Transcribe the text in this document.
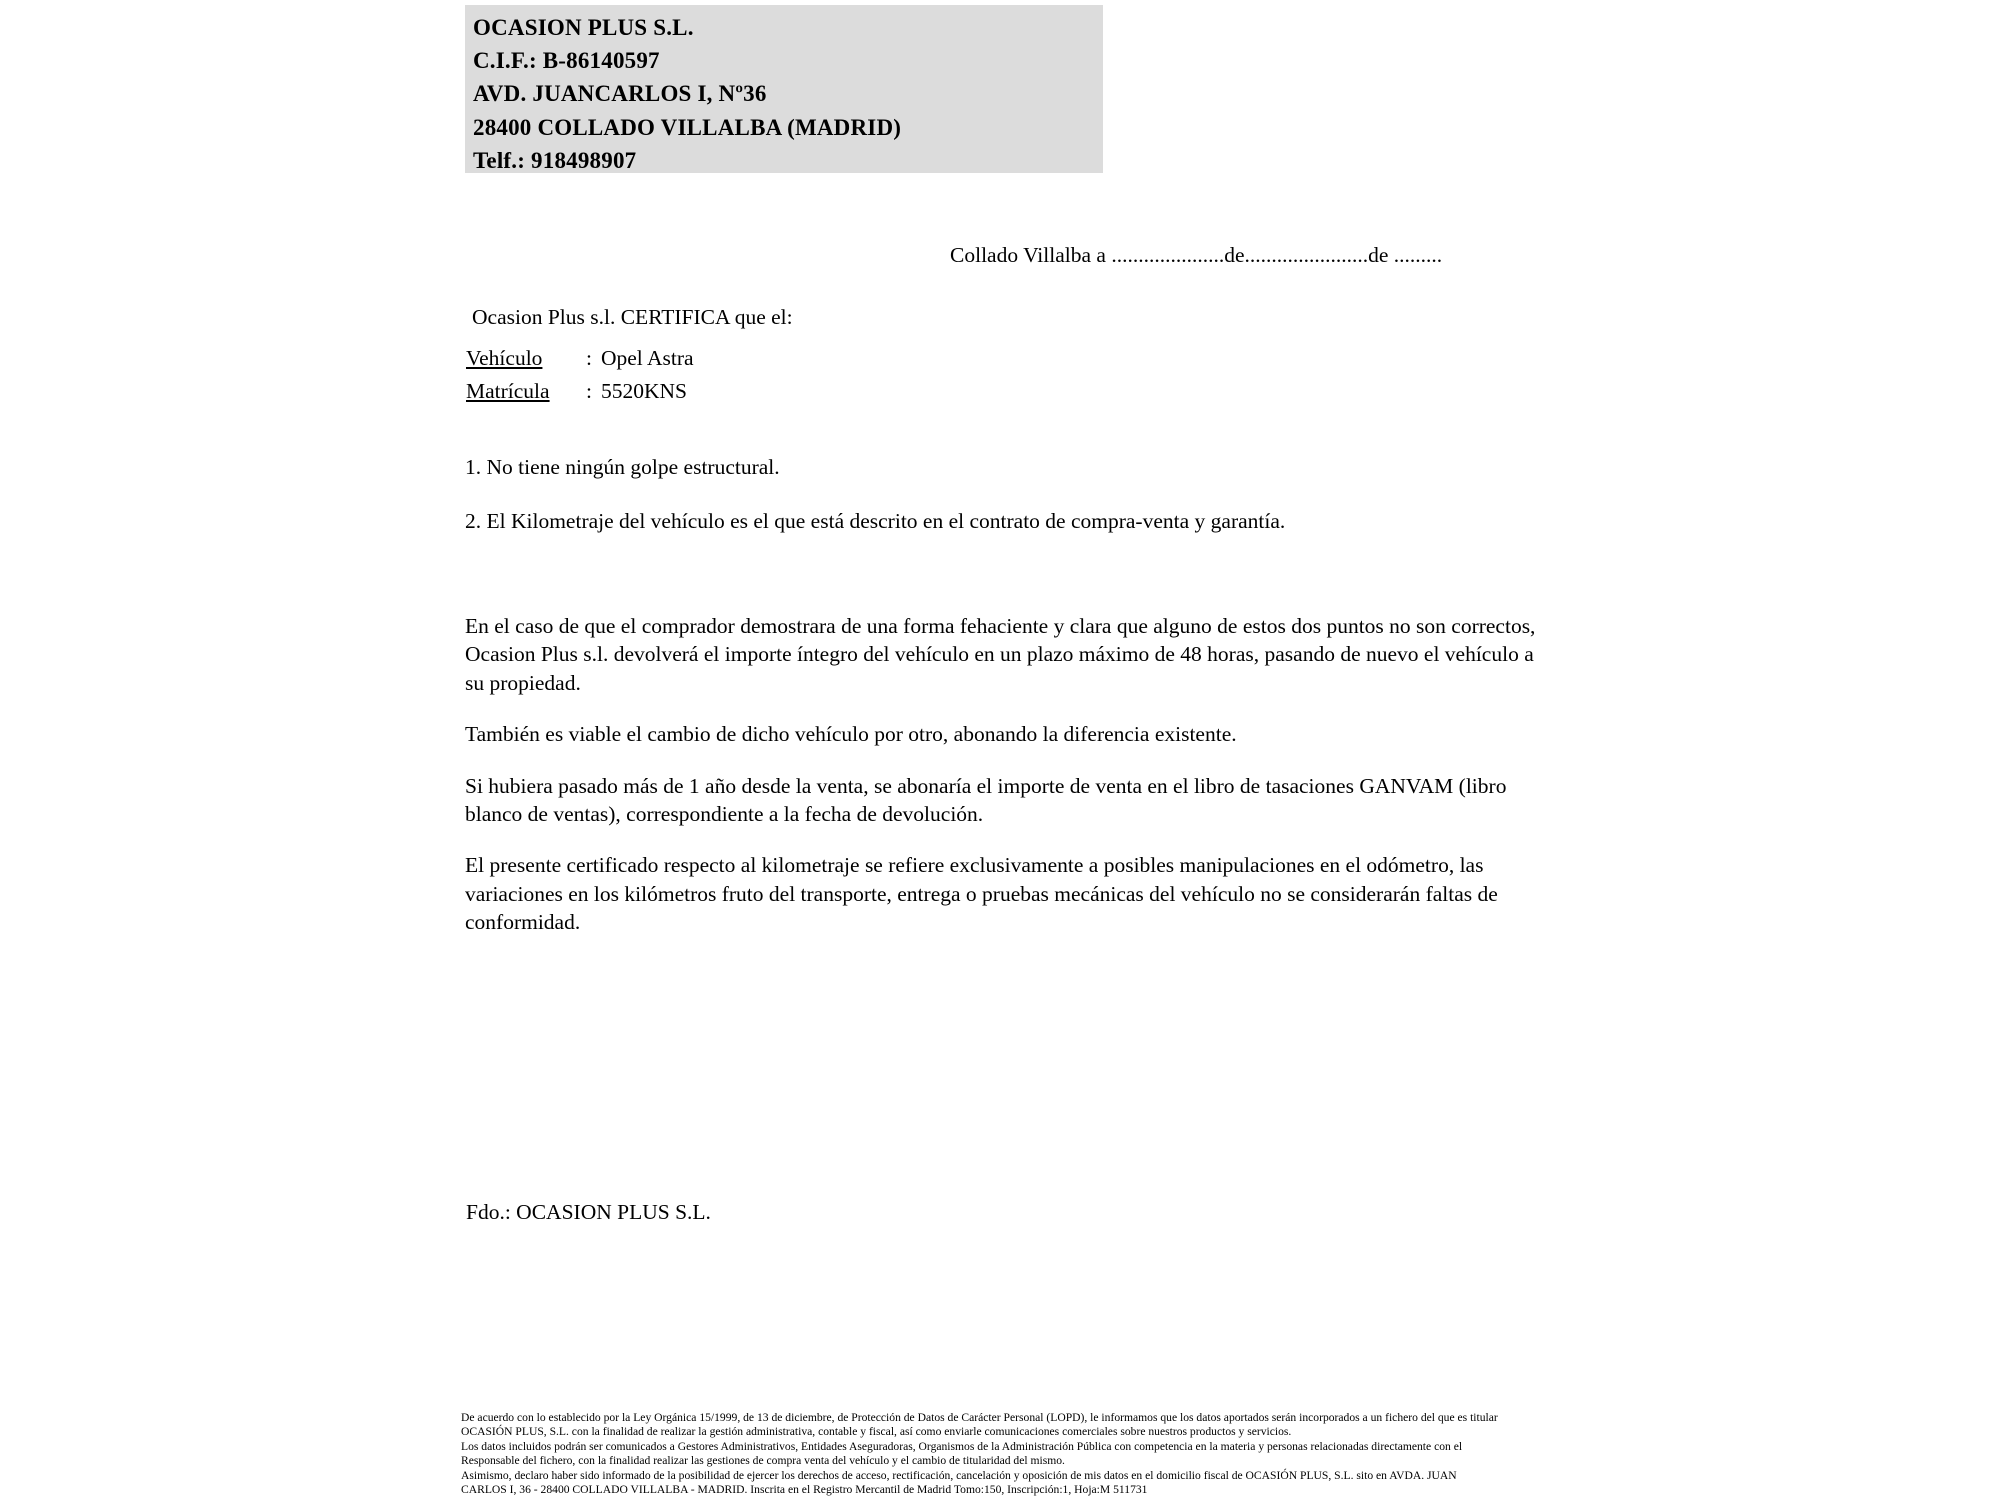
OCASION PLUS S.L.
C.I.F.: B-86140597
AVD. JUANCARLOS I, Nº36
28400 COLLADO VILLALBA (MADRID)
Telf.: 918498907
Collado Villalba a .....................de.......................de .........
Ocasion Plus s.l. CERTIFICA que el:
Vehículo : Opel Astra
Matrícula : 5520KNS
1. No tiene ningún golpe estructural.
2. El Kilometraje del vehículo es el que está descrito en el contrato de compra-venta y garantía.

En el caso de que el comprador demostrara de una forma fehaciente y clara que alguno de estos dos puntos no son correctos, Ocasion Plus s.l. devolverá el importe íntegro del vehículo en un plazo máximo de 48 horas, pasando de nuevo el vehículo a su propiedad.

También es viable el cambio de dicho vehículo por otro, abonando la diferencia existente.

Si hubiera pasado más de 1 año desde la venta, se abonaría el importe de venta en el libro de tasaciones GANVAM (libro blanco de ventas), correspondiente a la fecha de devolución.

El presente certificado respecto al kilometraje se refiere exclusivamente a posibles manipulaciones en el odómetro, las variaciones en los kilómetros fruto del transporte, entrega o pruebas mecánicas del vehículo no se considerarán faltas de conformidad.

Fdo.: OCASION PLUS S.L.
De acuerdo con lo establecido por la Ley Orgánica 15/1999, de 13 de diciembre, de Protección de Datos de Carácter Personal (LOPD), le informamos que los datos aportados serán incorporados a un fichero del que es titular
OCASIÓN PLUS, S.L. con la finalidad de realizar la gestión administrativa, contable y fiscal, así como enviarle comunicaciones comerciales sobre nuestros productos y servicios.
Los datos incluidos podrán ser comunicados a Gestores Administrativos, Entidades Aseguradoras, Organismos de la Administración Pública con competencia en la materia y personas relacionadas directamente con el
Responsable del fichero, con la finalidad realizar las gestiones de compra venta del vehículo y el cambio de titularidad del mismo.
Asimismo, declaro haber sido informado de la posibilidad de ejercer los derechos de acceso, rectificación, cancelación y oposición de mis datos en el domicilio fiscal de OCASIÓN PLUS, S.L. sito en AVDA. JUAN
CARLOS I, 36 - 28400 COLLADO VILLALBA - MADRID. Inscrita en el Registro Mercantil de Madrid Tomo:150, Inscripción:1, Hoja:M 511731
